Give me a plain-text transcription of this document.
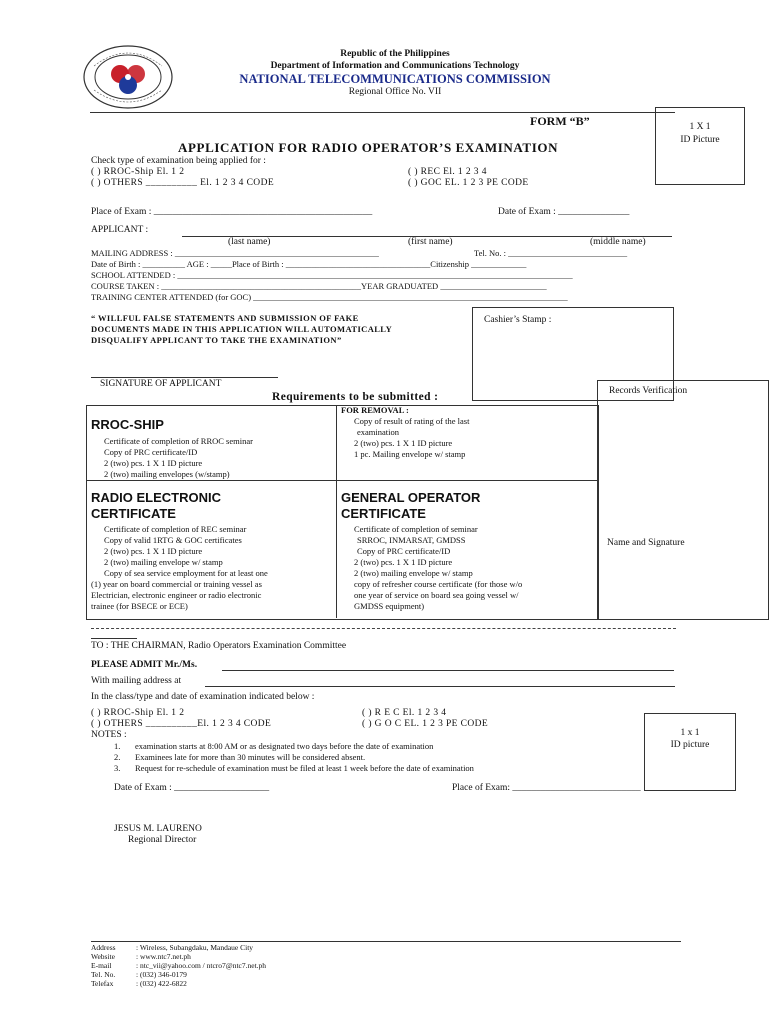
Republic of the Philippines
Department of Information and Communications Technology
NATIONAL TELECOMMUNICATIONS COMMISSION
Regional Office No. VII
FORM “B”	1 X 1
ID Picture
APPLICATION FOR RADIO OPERATOR’S EXAMINATION
Check type of examination being applied for :
( ) RROC-Ship El. 1 2
( ) OTHERS __________ El. 1 2 3 4 CODE
( ) REC El. 1 2 3 4
( ) GOC EL. 1 2 3 PE CODE
Place of Exam : ______________________________________________	Date of Exam : _______________
APPLICANT :
(last name)	(first name)	(middle name)
MAILING ADDRESS : ________________________________________________	Tel. No. : ____________________________
Date of Birth : __________ AGE : _____Place of Birth : __________________________________Citizenship _____________
SCHOOL ATTENDED : _____________________________________________________________________________________________
COURSE TAKEN : _______________________________________________YEAR GRADUATED _________________________
TRAINING CENTER ATTENDED (for GOC) __________________________________________________________________________
“ WILLFUL FALSE STATEMENTS AND SUBMISSION OF FAKE
DOCUMENTS MADE IN THIS APPLICATION WILL AUTOMATICALLY
DISQUALIFY APPLICANT TO TAKE THE EXAMINATION”
Cashier’s Stamp :
SIGNATURE OF APPLICANT
Requirements to be submitted :	Records Verification
Name and Signature
RROC-SHIP
Certificate of completion of RROC seminar
Copy of PRC certificate/ID
2 (two) pcs. 1 X 1 ID picture
2 (two) mailing envelopes (w/stamp)
FOR REMOVAL :
Copy of result of rating of the last
examination
2 (two) pcs. 1 X 1 ID picture
1 pc. Mailing envelope w/ stamp
RADIO ELECTRONIC
CERTIFICATE
Certificate of completion of REC seminar
Copy of valid 1RTG & GOC certificates
2 (two) pcs. 1 X 1 ID picture
2 (two) mailing envelope w/ stamp
Copy of sea service employment for at least one
(1) year on board commercial or training vessel as
Electrician, electronic engineer or radio electronic
trainee (for BSECE or ECE)
GENERAL OPERATOR
CERTIFICATE
Certificate of completion of seminar
SRROC, INMARSAT, GMDSS
Copy of PRC certificate/ID
2 (two) pcs. 1 X 1 ID picture
2 (two) mailing envelope w/ stamp
copy of refresher course certificate (for those w/o
one year of service on board sea going vessel w/
GMDSS equipment)
TO : THE CHAIRMAN, Radio Operators Examination Committee
PLEASE ADMIT Mr./Ms.
With mailing address at
In the class/type and date of examination indicated below :
( ) RROC-Ship El. 1 2
( ) OTHERS __________El. 1 2 3 4 CODE
( ) R E C El. 1 2 3 4
( ) G O C EL. 1 2 3 PE CODE
1 x 1
ID picture
NOTES :
1. examination starts at 8:00 AM or as designated two days before the date of examination
2. Examinees late for more than 30 minutes will be considered absent.
3. Request for re-schedule of examination must be filed at least 1 week before the date of examination
Date of Exam : ____________________	Place of Exam: ___________________________
JESUS M. LAURENO
Regional Director
Address	: Wireless, Subangdaku, Mandaue City
Website	: www.ntc7.net.ph
E-mail	: ntc_vii@yahoo.com / ntcro7@ntc7.net.ph
Tel. No.	: (032) 346-0179
Telefax	: (032) 422-6822
